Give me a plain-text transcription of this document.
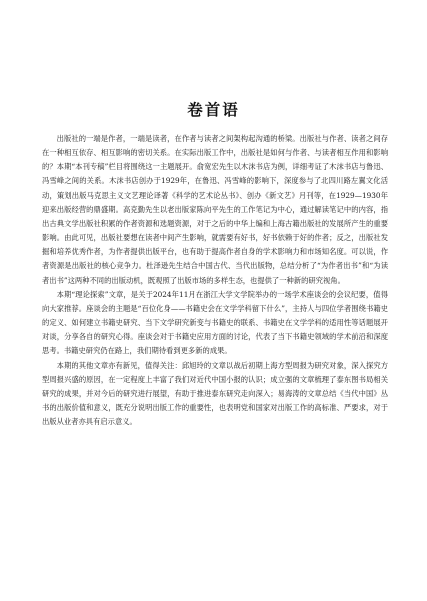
卷首语

出版社的一端是作者，一端是读者，在作者与读者之间架构起沟通的桥梁。出版社与作者、读者之间存在一种相互依存、相互影响的密切关系。在实际出版工作中，出版社是如何与作者、与读者相互作用和影响的？本期“本刊专稿”栏目将围绕这一主题展开。俞宽宏先生以木沫书店为例，详细考证了木沫书店与鲁迅、冯雪峰之间的关系。木沫书店创办于1929年，在鲁迅、冯雪峰的影响下，深度参与了北四川路左翼文化活动，策划出版马克思主义文艺理论译著《科学的艺术论丛书》、创办《新文艺》月刊等，在1929—1930年迎来出版经营的鼎盛期。高克勤先生以老出版家陈向平先生的工作笔记为中心，通过解读笔记中的内容，指出古典文学出版社积累的作者资源和选题资源，对于之后的中华上编和上海古籍出版社的发展所产生的重要影响。由此可见，出版社要想在读者中间产生影响，就需要有好书，好书依赖于好的作者；反之，出版社发掘和培养优秀作者，为作者提供出版平台，也有助于提高作者自身的学术影响力和市场知名度。可以说，作者资源是出版社的核心竞争力。杜泽逊先生结合中国古代、当代出版物，总结分析了“为作者出书”和“为读者出书”这两种不同的出版动机，既观照了出版市场的多样生态，也提供了一种新的研究视角。

本期“理论探索”文章，是关于2024年11月在浙江大学文学院举办的一场学术座谈会的会议纪要，值得向大家推荐。座谈会的主题是“百位化身——书籍史会在文学学科留下什么”，主持人与四位学者围绕书籍史的定义、如何建立书籍史研究、当下文学研究新变与书籍史的联系、书籍史在文学学科的适用性等话题展开对谈，分享各自的研究心得。座谈会对于书籍史应用方面的讨论，代表了当下书籍史领域的学术前沿和深度思考。书籍史研究仍在路上，我们期待看到更多新的成果。

本期的其他文章亦有新见，值得关注：邱旭玲的文章以战后初期上海方型周报为研究对象，深入探究方型周报兴盛的原因，在一定程度上丰富了我们对近代中国小报的认识；成立强的文章梳理了泰东图书局相关研究的成果，并对今后的研究进行展望，有助于推进泰东研究走向深入；易海涛的文章总结《当代中国》丛书的出版价值和意义，既充分说明出版工作的重要性，也表明党和国家对出版工作的高标准、严要求，对于出版从业者亦具有启示意义。
